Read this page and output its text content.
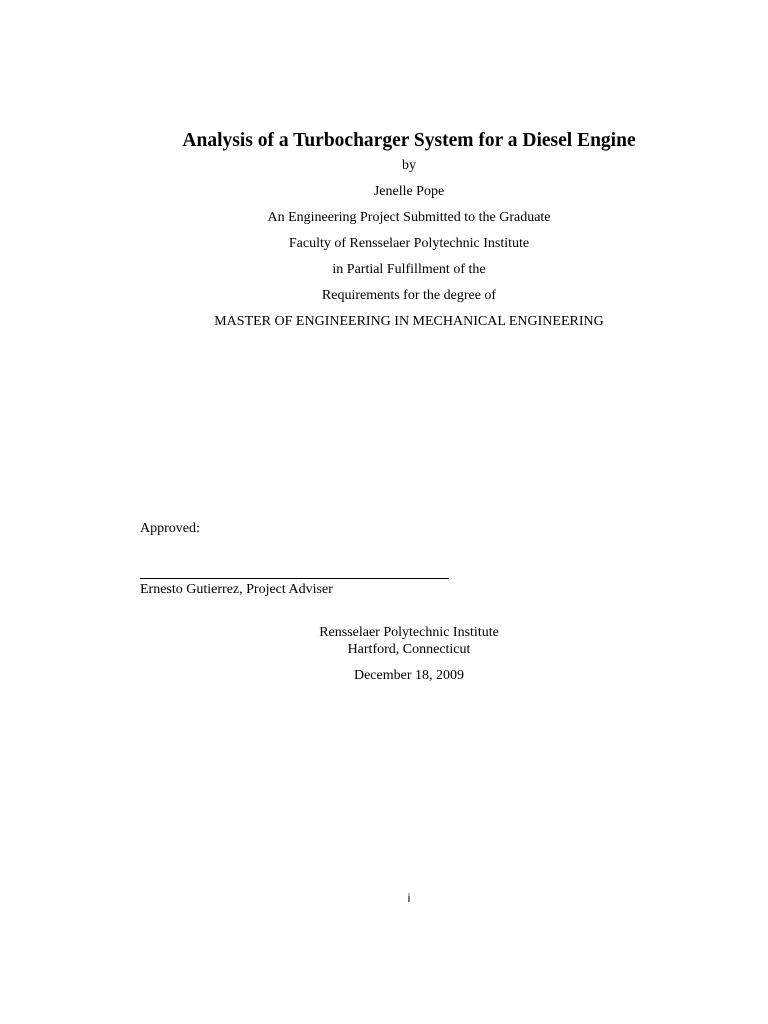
Analysis of a Turbocharger System for a Diesel Engine
by
Jenelle Pope
An Engineering Project Submitted to the Graduate
Faculty of Rensselaer Polytechnic Institute
in Partial Fulfillment of the
Requirements for the degree of
MASTER OF ENGINEERING IN MECHANICAL ENGINEERING
Approved:
Ernesto Gutierrez, Project Adviser
Rensselaer Polytechnic Institute
Hartford, Connecticut
December 18, 2009
i
